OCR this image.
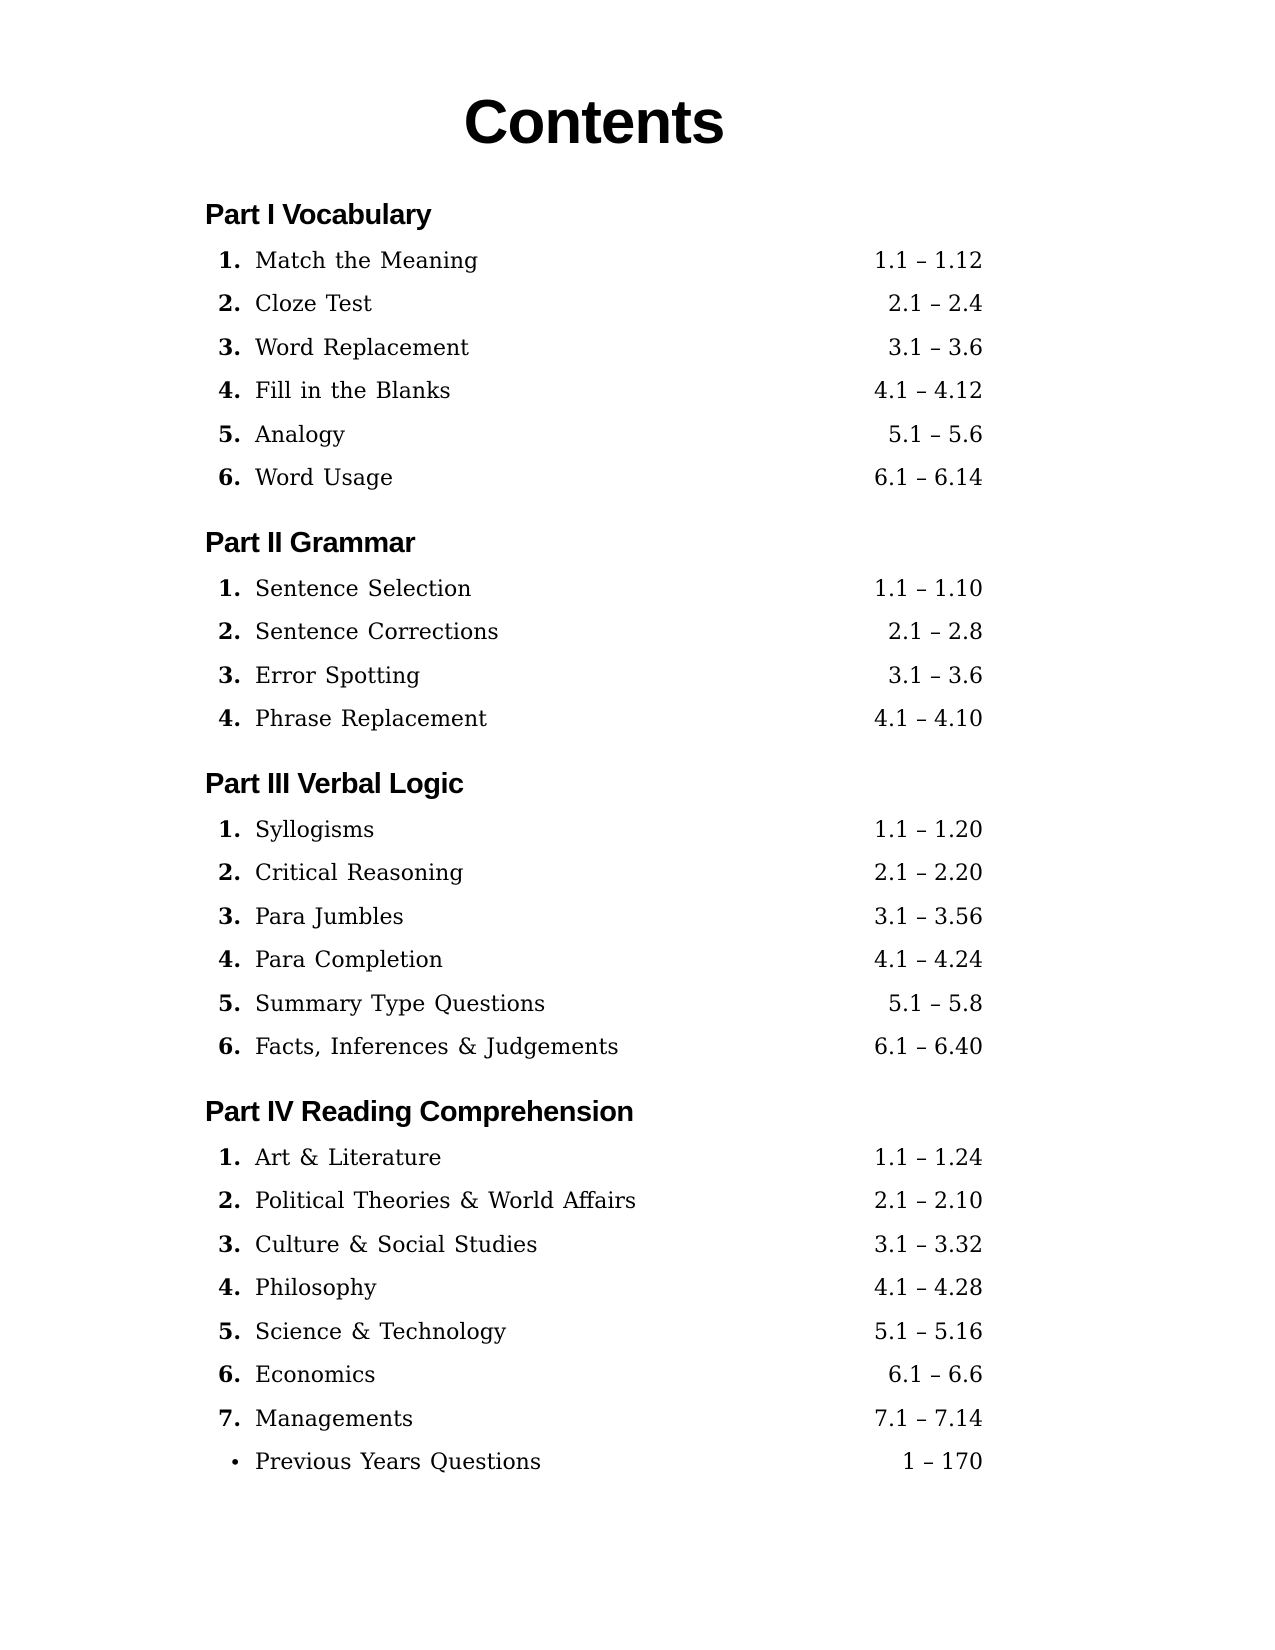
Contents
Part I Vocabulary
1. Match the Meaning	1.1 – 1.12
2. Cloze Test	2.1 – 2.4
3. Word Replacement	3.1 – 3.6
4. Fill in the Blanks	4.1 – 4.12
5. Analogy	5.1 – 5.6
6. Word Usage	6.1 – 6.14
Part II Grammar
1. Sentence Selection	1.1 – 1.10
2. Sentence Corrections	2.1 – 2.8
3. Error Spotting	3.1 – 3.6
4. Phrase Replacement	4.1 – 4.10
Part III Verbal Logic
1. Syllogisms	1.1 – 1.20
2. Critical Reasoning	2.1 – 2.20
3. Para Jumbles	3.1 – 3.56
4. Para Completion	4.1 – 4.24
5. Summary Type Questions	5.1 – 5.8
6. Facts, Inferences & Judgements	6.1 – 6.40
Part IV Reading Comprehension
1. Art & Literature	1.1 – 1.24
2. Political Theories & World Affairs	2.1 – 2.10
3. Culture & Social Studies	3.1 – 3.32
4. Philosophy	4.1 – 4.28
5. Science & Technology	5.1 – 5.16
6. Economics	6.1 – 6.6
7. Managements	7.1 – 7.14
• Previous Years Questions	1 – 170
